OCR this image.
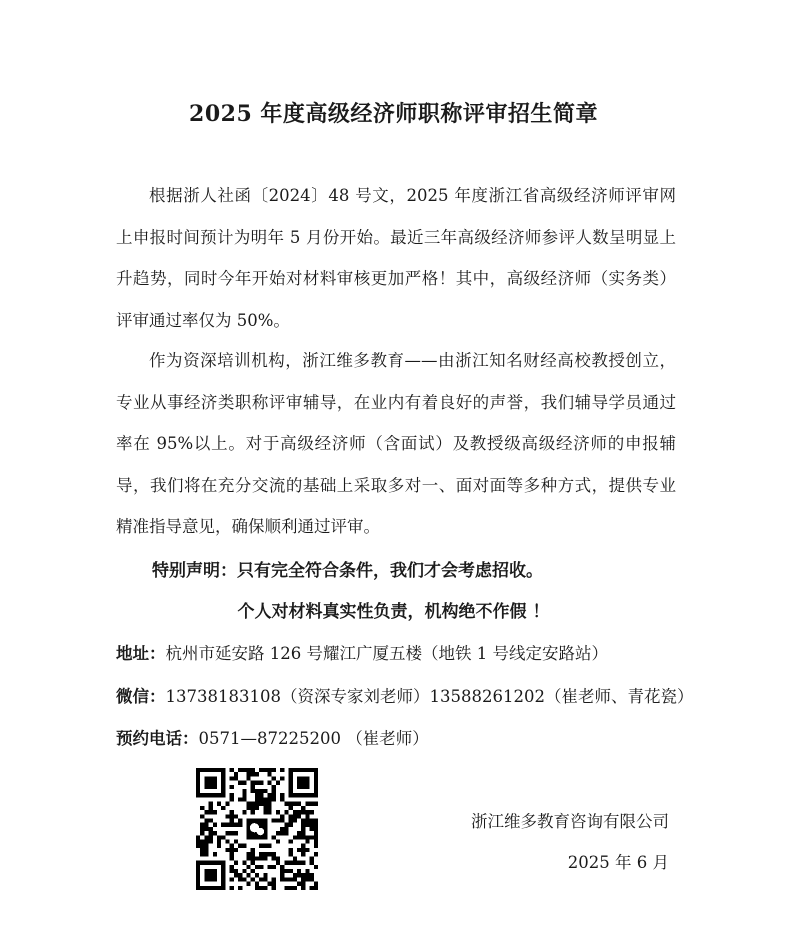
2025 年度高级经济师职称评审招生简章
根据浙人社函〔2024〕48 号文，2025 年度浙江省高级经济师评审网上申报时间预计为明年 5 月份开始。最近三年高级经济师参评人数呈明显上升趋势，同时今年开始对材料审核更加严格！其中，高级经济师（实务类）评审通过率仅为 50%。
作为资深培训机构，浙江维多教育——由浙江知名财经高校教授创立，专业从事经济类职称评审辅导，在业内有着良好的声誉，我们辅导学员通过率在 95%以上。对于高级经济师（含面试）及教授级高级经济师的申报辅导，我们将在充分交流的基础上采取多对一、面对面等多种方式，提供专业精准指导意见，确保顺利通过评审。
特别声明：只有完全符合条件，我们才会考虑招收。
个人对材料真实性负责，机构绝不作假 ！
地址：杭州市延安路 126 号耀江广厦五楼（地铁 1 号线定安路站）
微信：13738183108（资深专家刘老师）13588261202（崔老师、青花瓷）
预约电话：0571—87225200 （崔老师）
浙江维多教育咨询有限公司
2025 年 6 月
